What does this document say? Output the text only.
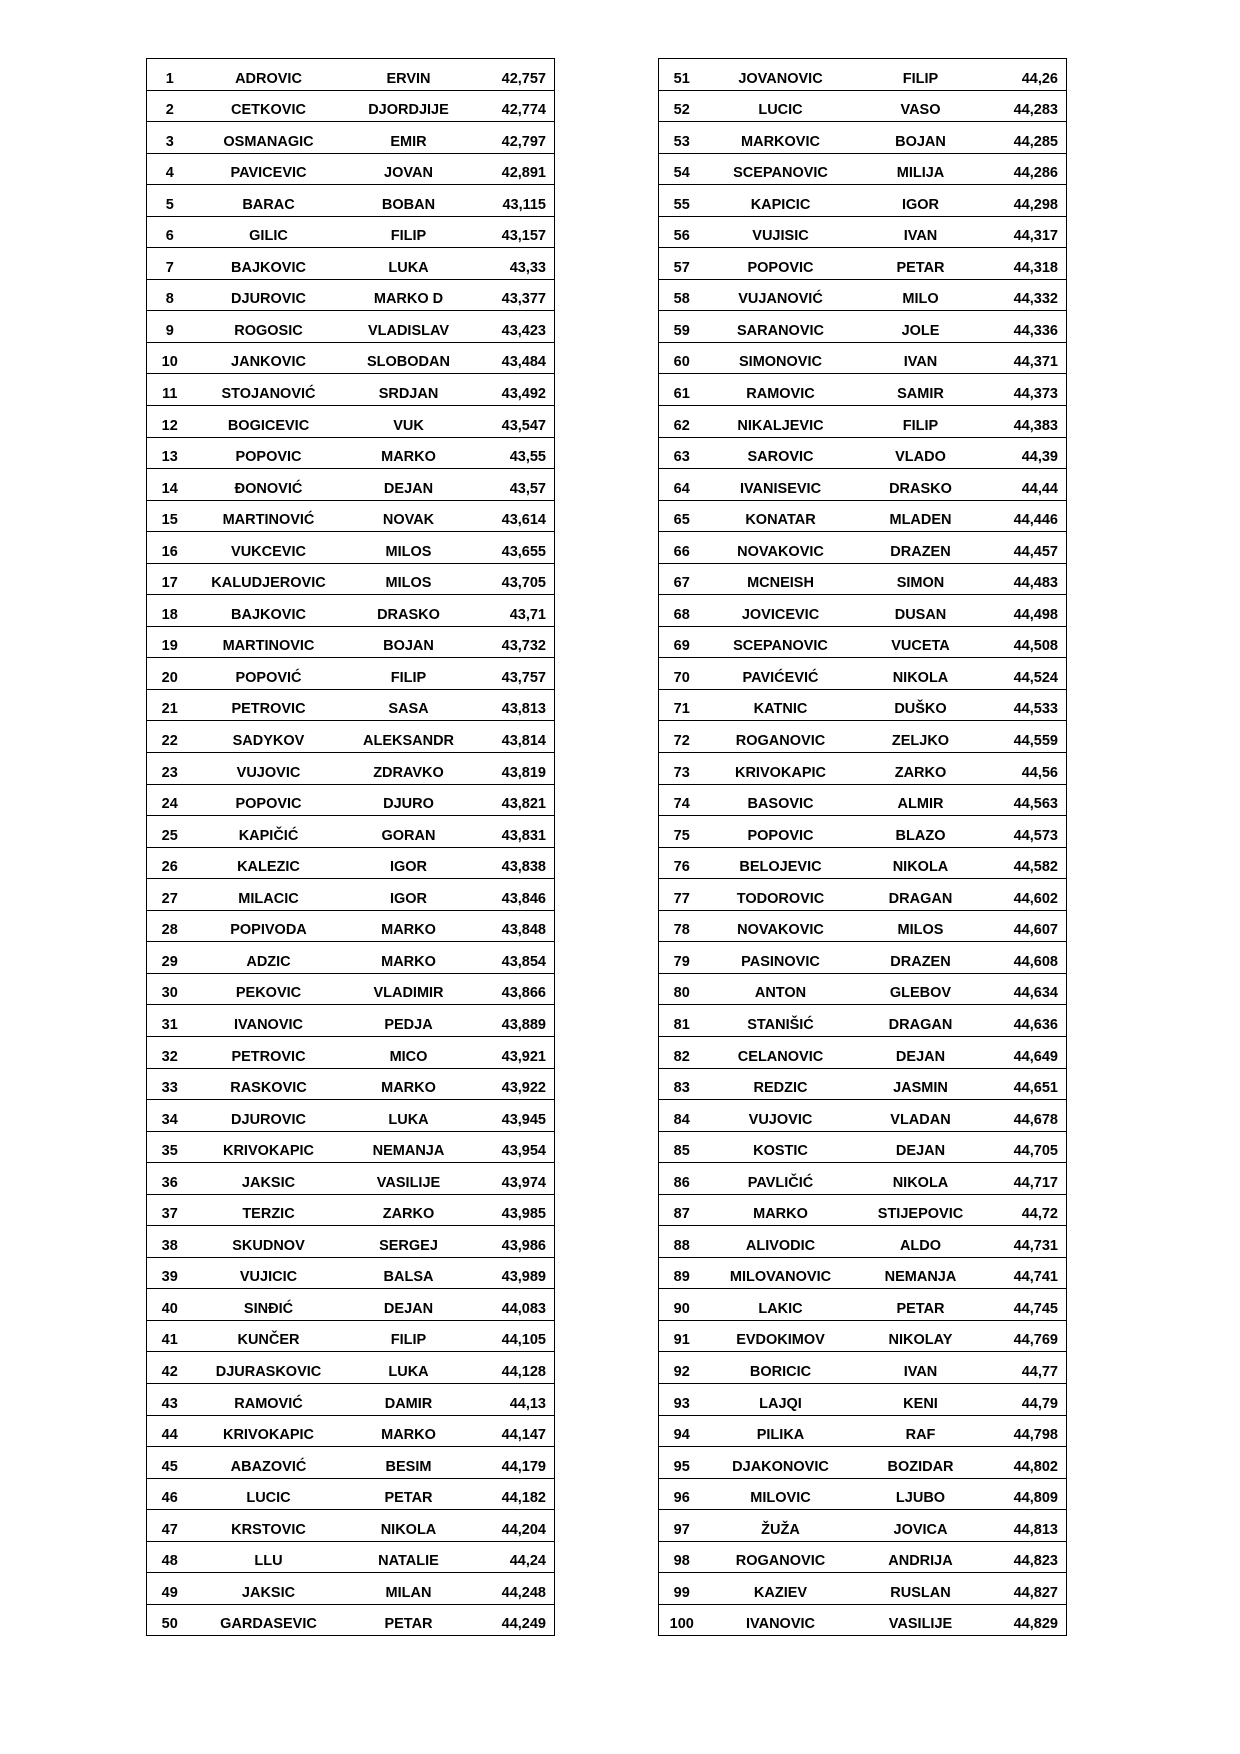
1	ADROVIC	ERVIN	42,757
2	CETKOVIC	DJORDJIJE	42,774
3	OSMANAGIC	EMIR	42,797
4	PAVICEVIC	JOVAN	42,891
5	BARAC	BOBAN	43,115
6	GILIC	FILIP	43,157
7	BAJKOVIC	LUKA	43,33
8	DJUROVIC	MARKO D	43,377
9	ROGOSIC	VLADISLAV	43,423
10	JANKOVIC	SLOBODAN	43,484
11	STOJANOVIĆ	SRDJAN	43,492
12	BOGICEVIC	VUK	43,547
13	POPOVIC	MARKO	43,55
14	ĐONOVIĆ	DEJAN	43,57
15	MARTINOVIĆ	NOVAK	43,614
16	VUKCEVIC	MILOS	43,655
17	KALUDJEROVIC	MILOS	43,705
18	BAJKOVIC	DRASKO	43,71
19	MARTINOVIC	BOJAN	43,732
20	POPOVIĆ	FILIP	43,757
21	PETROVIC	SASA	43,813
22	SADYKOV	ALEKSANDR	43,814
23	VUJOVIC	ZDRAVKO	43,819
24	POPOVIC	DJURO	43,821
25	KAPIČIĆ	GORAN	43,831
26	KALEZIC	IGOR	43,838
27	MILACIC	IGOR	43,846
28	POPIVODA	MARKO	43,848
29	ADZIC	MARKO	43,854
30	PEKOVIC	VLADIMIR	43,866
31	IVANOVIC	PEDJA	43,889
32	PETROVIC	MICO	43,921
33	RASKOVIC	MARKO	43,922
34	DJUROVIC	LUKA	43,945
35	KRIVOKAPIC	NEMANJA	43,954
36	JAKSIC	VASILIJE	43,974
37	TERZIC	ZARKO	43,985
38	SKUDNOV	SERGEJ	43,986
39	VUJICIC	BALSA	43,989
40	SINĐIĆ	DEJAN	44,083
41	KUNČER	FILIP	44,105
42	DJURASKOVIC	LUKA	44,128
43	RAMOVIĆ	DAMIR	44,13
44	KRIVOKAPIC	MARKO	44,147
45	ABAZOVIĆ	BESIM	44,179
46	LUCIC	PETAR	44,182
47	KRSTOVIC	NIKOLA	44,204
48	LLU	NATALIE	44,24
49	JAKSIC	MILAN	44,248
50	GARDASEVIC	PETAR	44,249
51	JOVANOVIC	FILIP	44,26
52	LUCIC	VASO	44,283
53	MARKOVIC	BOJAN	44,285
54	SCEPANOVIC	MILIJA	44,286
55	KAPICIC	IGOR	44,298
56	VUJISIC	IVAN	44,317
57	POPOVIC	PETAR	44,318
58	VUJANOVIĆ	MILO	44,332
59	SARANOVIC	JOLE	44,336
60	SIMONOVIC	IVAN	44,371
61	RAMOVIC	SAMIR	44,373
62	NIKALJEVIC	FILIP	44,383
63	SAROVIC	VLADO	44,39
64	IVANISEVIC	DRASKO	44,44
65	KONATAR	MLADEN	44,446
66	NOVAKOVIC	DRAZEN	44,457
67	MCNEISH	SIMON	44,483
68	JOVICEVIC	DUSAN	44,498
69	SCEPANOVIC	VUCETA	44,508
70	PAVIĆEVIĆ	NIKOLA	44,524
71	KATNIC	DUŠKO	44,533
72	ROGANOVIC	ZELJKO	44,559
73	KRIVOKAPIC	ZARKO	44,56
74	BASOVIC	ALMIR	44,563
75	POPOVIC	BLAZO	44,573
76	BELOJEVIC	NIKOLA	44,582
77	TODOROVIC	DRAGAN	44,602
78	NOVAKOVIC	MILOS	44,607
79	PASINOVIC	DRAZEN	44,608
80	ANTON	GLEBOV	44,634
81	STANIŠIĆ	DRAGAN	44,636
82	CELANOVIC	DEJAN	44,649
83	REDZIC	JASMIN	44,651
84	VUJOVIC	VLADAN	44,678
85	KOSTIC	DEJAN	44,705
86	PAVLIČIĆ	NIKOLA	44,717
87	MARKO	STIJEPOVIC	44,72
88	ALIVODIC	ALDO	44,731
89	MILOVANOVIC	NEMANJA	44,741
90	LAKIC	PETAR	44,745
91	EVDOKIMOV	NIKOLAY	44,769
92	BORICIC	IVAN	44,77
93	LAJQI	KENI	44,79
94	PILIKA	RAF	44,798
95	DJAKONOVIC	BOZIDAR	44,802
96	MILOVIC	LJUBO	44,809
97	ŽUŽA	JOVICA	44,813
98	ROGANOVIC	ANDRIJA	44,823
99	KAZIEV	RUSLAN	44,827
100	IVANOVIC	VASILIJE	44,829
